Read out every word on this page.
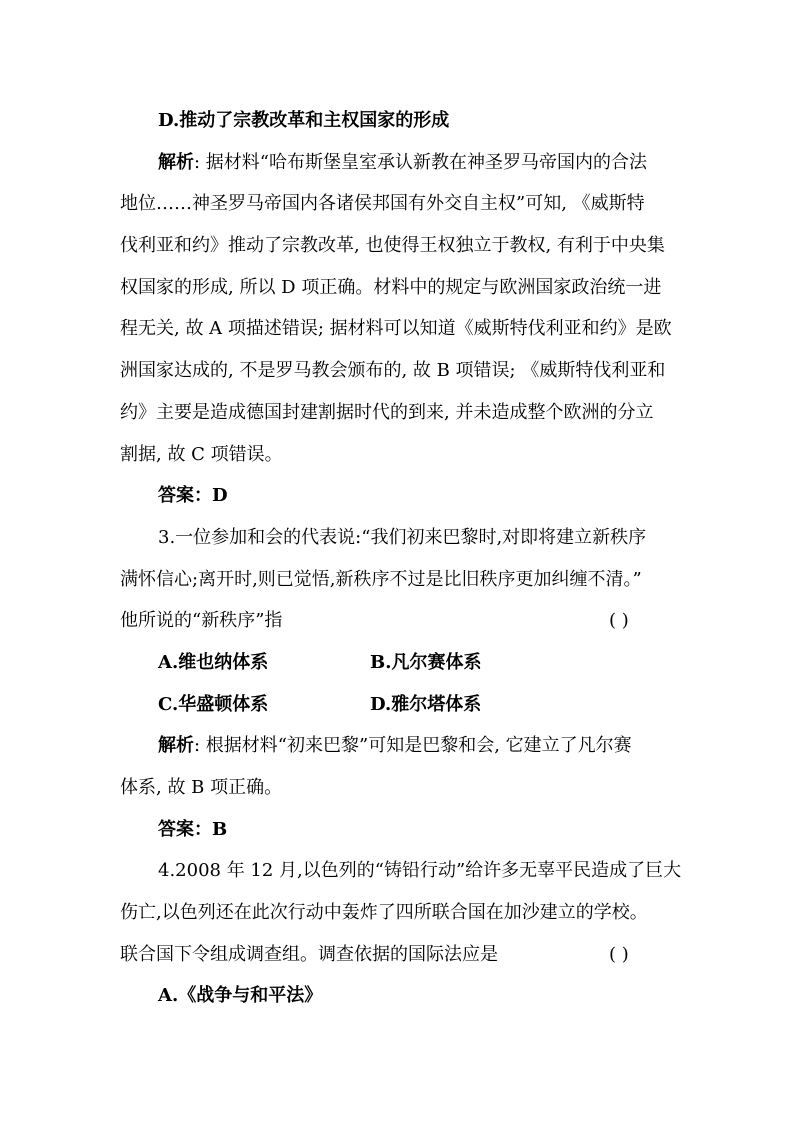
D.推动了宗教改革和主权国家的形成
解析: 据材料“哈布斯堡皇室承认新教在神圣罗马帝国内的合法
地位……神圣罗马帝国内各诸侯邦国有外交自主权”可知, 《威斯特
伐利亚和约》推动了宗教改革, 也使得王权独立于教权, 有利于中央集
权国家的形成, 所以 D 项正确。材料中的规定与欧洲国家政治统一进
程无关, 故 A 项描述错误; 据材料可以知道《威斯特伐利亚和约》是欧
洲国家达成的, 不是罗马教会颁布的, 故 B 项错误; 《威斯特伐利亚和
约》主要是造成德国封建割据时代的到来, 并未造成整个欧洲的分立
割据, 故 C 项错误。
答案：D
3.一位参加和会的代表说:“我们初来巴黎时,对即将建立新秩序
满怀信心;离开时,则已觉悟,新秩序不过是比旧秩序更加纠缠不清。”
他所说的“新秩序”指	( )
A.维也纳体系	B.凡尔赛体系
C.华盛顿体系	D.雅尔塔体系
解析: 根据材料“初来巴黎”可知是巴黎和会, 它建立了凡尔赛
体系, 故 B 项正确。
答案：B
4.2008 年 12 月,以色列的“铸铅行动”给许多无辜平民造成了巨大
伤亡,以色列还在此次行动中轰炸了四所联合国在加沙建立的学校。
联合国下令组成调查组。调查依据的国际法应是	( )
A.《战争与和平法》
